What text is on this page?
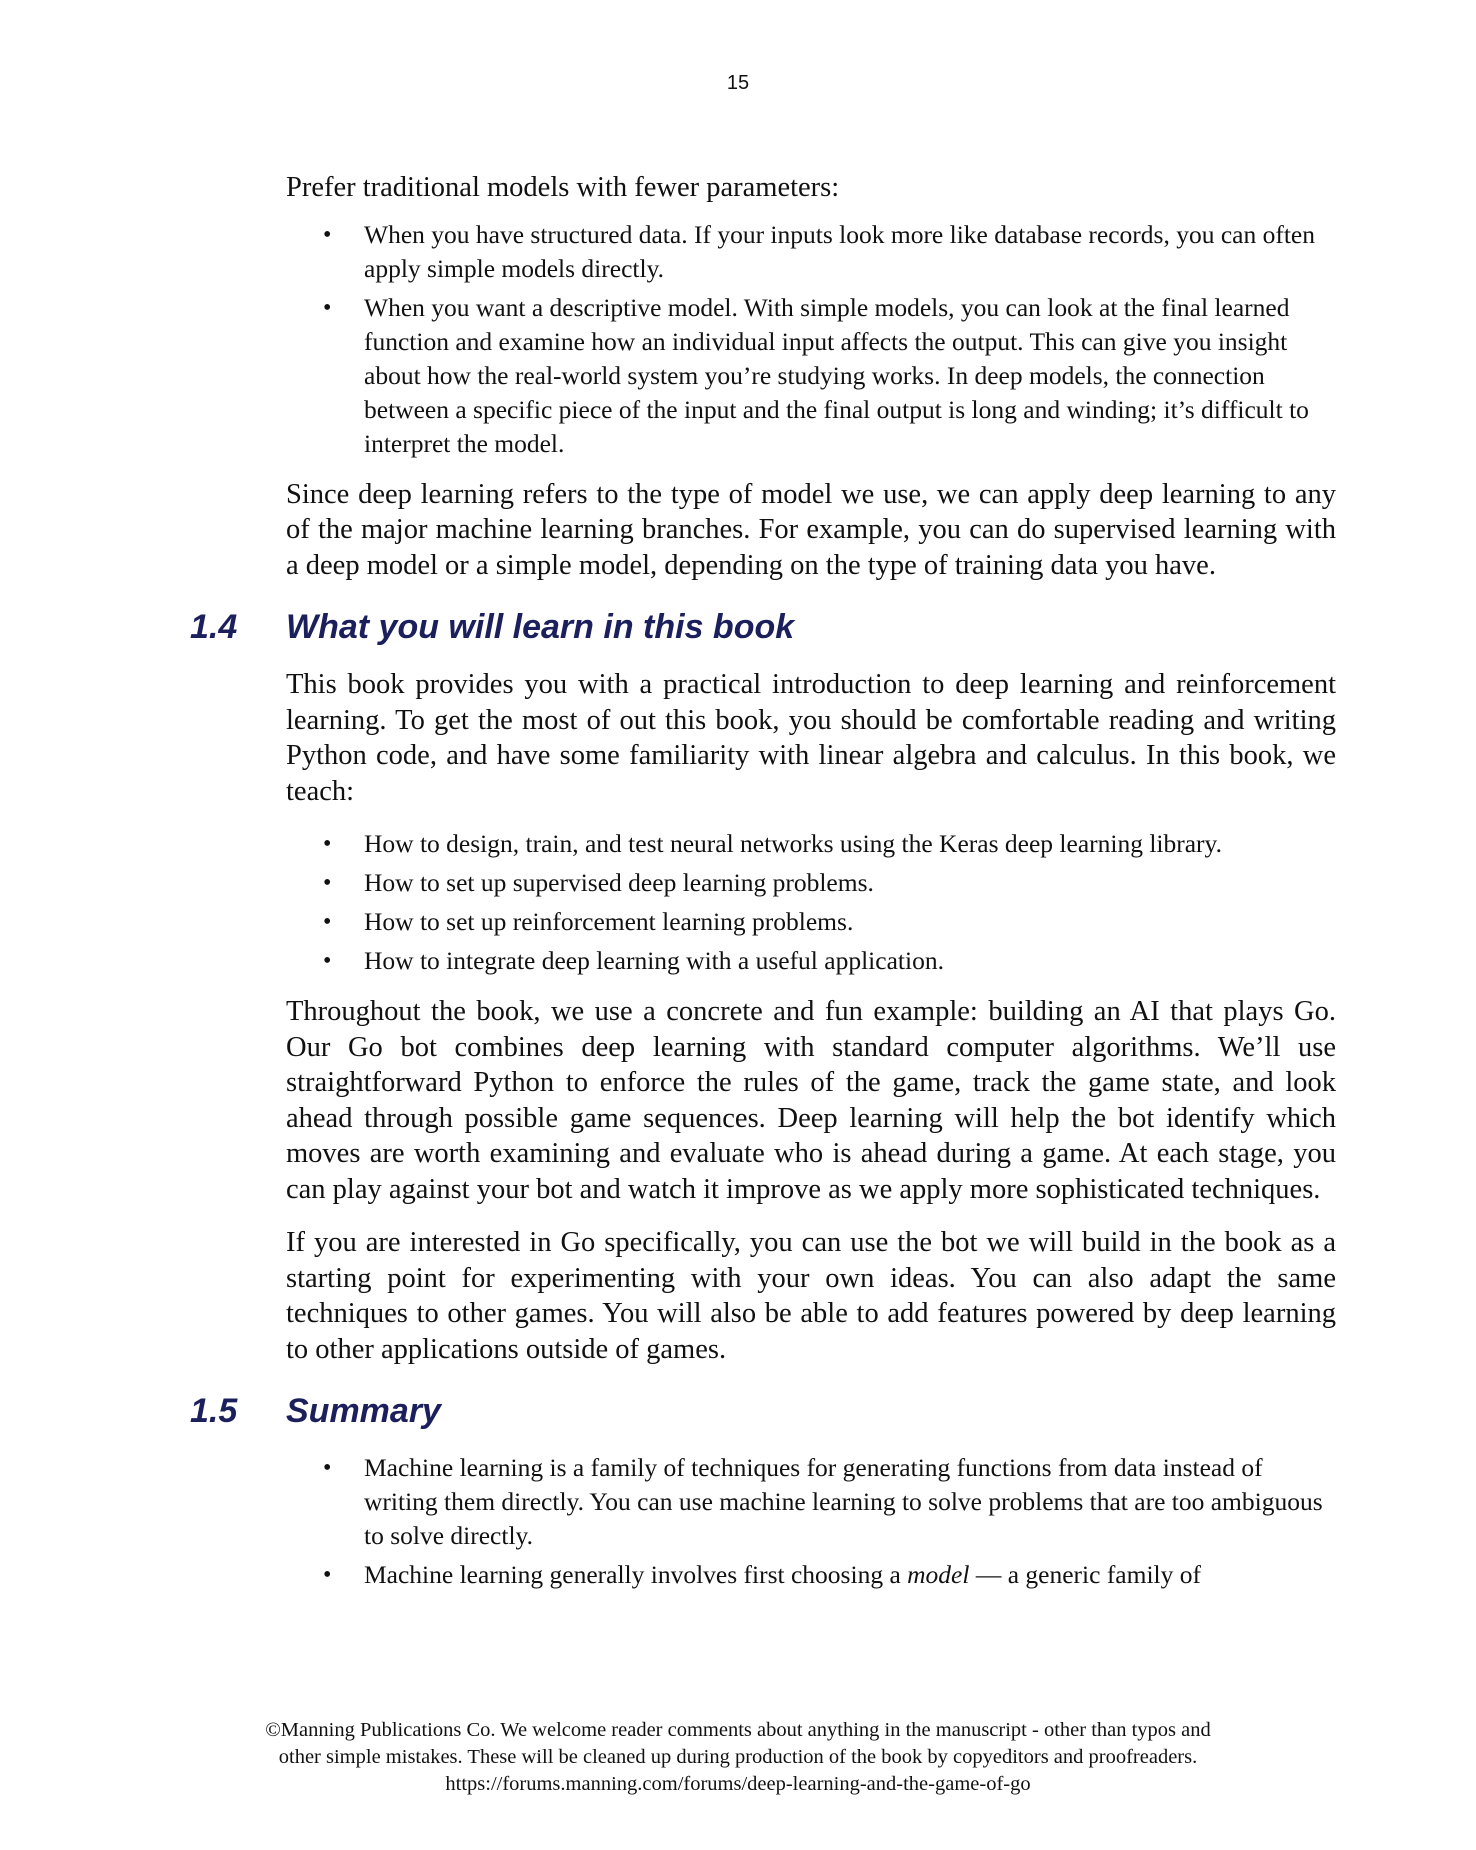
15

Prefer traditional models with fewer parameters:

• When you have structured data. If your inputs look more like database records, you can often apply simple models directly.
• When you want a descriptive model. With simple models, you can look at the final learned function and examine how an individual input affects the output. This can give you insight about how the real-world system you’re studying works. In deep models, the connection between a specific piece of the input and the final output is long and winding; it’s difficult to interpret the model.

Since deep learning refers to the type of model we use, we can apply deep learning to any of the major machine learning branches. For example, you can do supervised learning with a deep model or a simple model, depending on the type of training data you have.

1.4 What you will learn in this book

This book provides you with a practical introduction to deep learning and reinforcement learning. To get the most of out this book, you should be comfortable reading and writing Python code, and have some familiarity with linear algebra and calculus. In this book, we teach:

• How to design, train, and test neural networks using the Keras deep learning library.
• How to set up supervised deep learning problems.
• How to set up reinforcement learning problems.
• How to integrate deep learning with a useful application.

Throughout the book, we use a concrete and fun example: building an AI that plays Go. Our Go bot combines deep learning with standard computer algorithms. We’ll use straightforward Python to enforce the rules of the game, track the game state, and look ahead through possible game sequences. Deep learning will help the bot identify which moves are worth examining and evaluate who is ahead during a game. At each stage, you can play against your bot and watch it improve as we apply more sophisticated techniques.

If you are interested in Go specifically, you can use the bot we will build in the book as a starting point for experimenting with your own ideas. You can also adapt the same techniques to other games. You will also be able to add features powered by deep learning to other applications outside of games.

1.5 Summary
• Machine learning is a family of techniques for generating functions from data instead of writing them directly. You can use machine learning to solve problems that are too ambiguous to solve directly.
• Machine learning generally involves first choosing a model — a generic family of
©Manning Publications Co. We welcome reader comments about anything in the manuscript - other than typos and
other simple mistakes. These will be cleaned up during production of the book by copyeditors and proofreaders.
https://forums.manning.com/forums/deep-learning-and-the-game-of-go
